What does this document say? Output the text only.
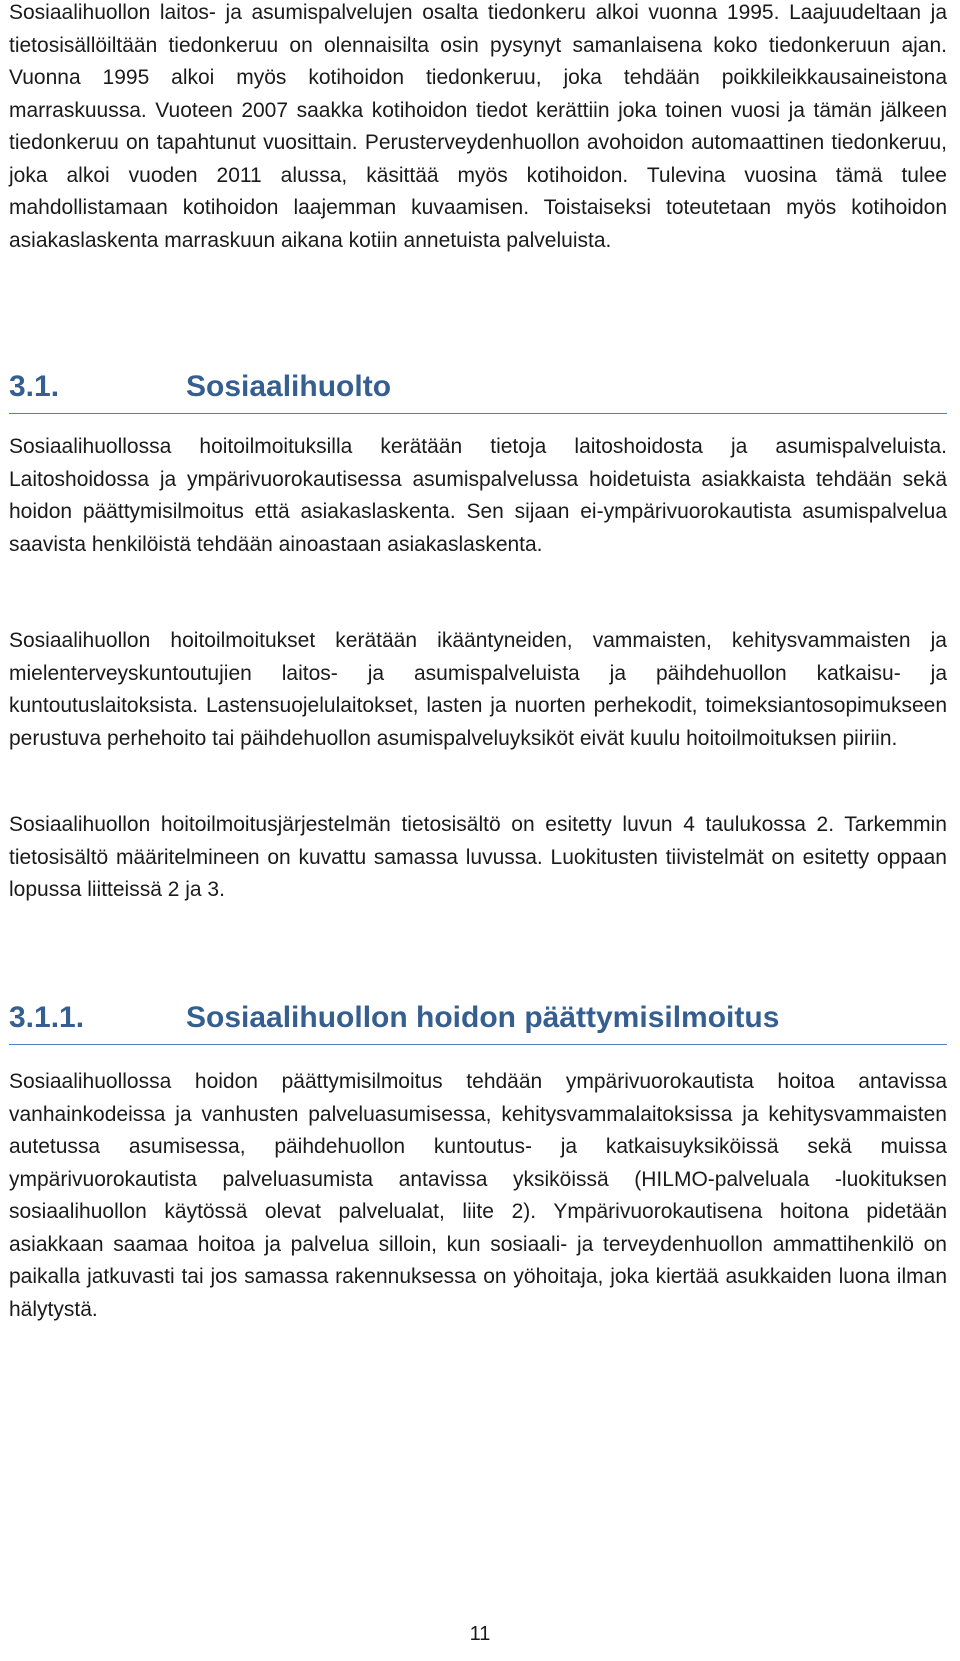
Sosiaalihuollon laitos- ja asumispalvelujen osalta tiedonkeru alkoi vuonna 1995. Laajuudeltaan ja tietosisällöiltään tiedonkeruu on olennaisilta osin pysynyt samanlaisena koko tiedonkeruun ajan. Vuonna 1995 alkoi myös kotihoidon tiedonkeruu, joka tehdään poikkileikkausaineistona marraskuussa. Vuoteen 2007 saakka kotihoidon tiedot kerättiin joka toinen vuosi ja tämän jälkeen tiedonkeruu on tapahtunut vuosittain. Perusterveydenhuollon avohoidon automaattinen tiedonkeruu, joka alkoi vuoden 2011 alussa, käsittää myös kotihoidon. Tulevina vuosina tämä tulee mahdollistamaan kotihoidon laajemman kuvaamisen. Toistaiseksi toteutetaan myös kotihoidon asiakaslaskenta marraskuun aikana kotiin annetuista palveluista.

3.1.	Sosiaalihuolto

Sosiaalihuollossa hoitoilmoituksilla kerätään tietoja laitoshoidosta ja asumispalveluista. Laitoshoidossa ja ympärivuorokautisessa asumispalvelussa hoidetuista asiakkaista tehdään sekä hoidon päättymisilmoitus että asiakaslaskenta. Sen sijaan ei-ympärivuorokautista asumispalvelua saavista henkilöistä tehdään ainoastaan asiakaslaskenta.

Sosiaalihuollon hoitoilmoitukset kerätään ikääntyneiden, vammaisten, kehitysvammaisten ja mielenterveyskuntoutujien laitos- ja asumispalveluista ja päihdehuollon katkaisu- ja kuntoutuslaitoksista. Lastensuojelulaitokset, lasten ja nuorten perhekodit, toimeksiantosopimukseen perustuva perhehoito tai päihdehuollon asumispalveluyksiköt eivät kuulu hoitoilmoituksen piiriin.

Sosiaalihuollon hoitoilmoitusjärjestelmän tietosisältö on esitetty luvun 4 taulukossa 2. Tarkemmin tietosisältö määritelmineen on kuvattu samassa luvussa. Luokitusten tiivistelmät on esitetty oppaan lopussa liitteissä 2 ja 3.

3.1.1.	Sosiaalihuollon hoidon päättymisilmoitus

Sosiaalihuollossa hoidon päättymisilmoitus tehdään ympärivuorokautista hoitoa antavissa vanhainkodeissa ja vanhusten palveluasumisessa, kehitysvammalaitoksissa ja kehitysvammaisten autetussa asumisessa, päihdehuollon kuntoutus- ja katkaisuyksiköissä sekä muissa ympärivuorokautista palveluasumista antavissa yksiköissä (HILMO-palveluala -luokituksen sosiaalihuollon käytössä olevat palvelualat, liite 2). Ympärivuorokautisena hoitona pidetään asiakkaan saamaa hoitoa ja palvelua silloin, kun sosiaali- ja terveydenhuollon ammattihenkilö on paikalla jatkuvasti tai jos samassa rakennuksessa on yöhoitaja, joka kiertää asukkaiden luona ilman hälytystä.

11
